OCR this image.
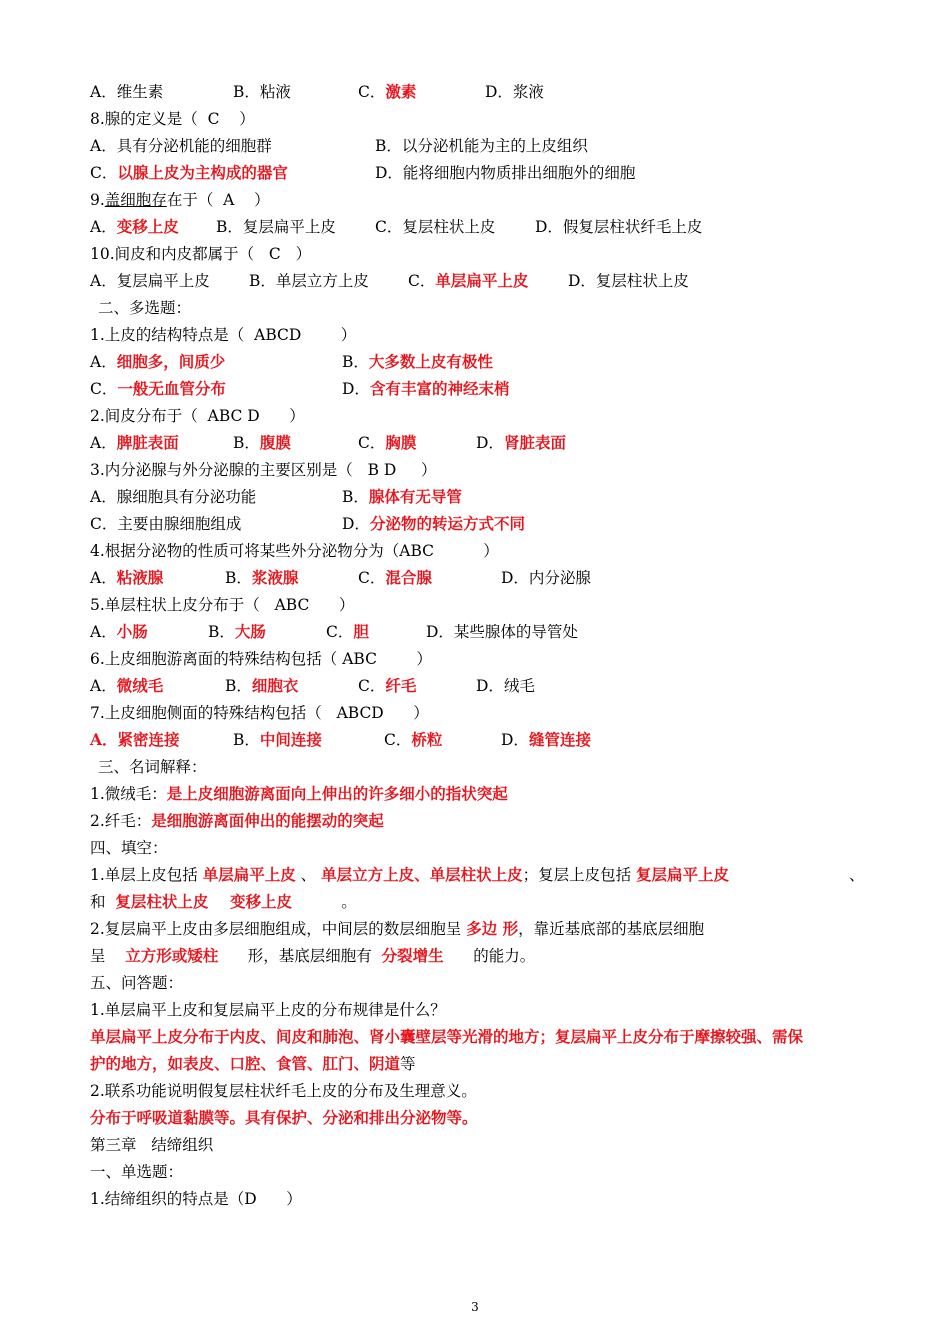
A．维生素	B．粘液	C．激素	D．浆液
8.腺的定义是（  C    ）
A．具有分泌机能的细胞群	B．以分泌机能为主的上皮组织
C．以腺上皮为主构成的器官	D．能将细胞内物质排出细胞外的细胞
9.盖细胞存在于（  A    ）
A．变移上皮 B．复层扁平上皮	C．复层柱状上皮	D．假复层柱状纤毛上皮
10.间皮和内皮都属于（   C   ）
A．复层扁平上皮	B．单层立方上皮	C．单层扁平上皮	D．复层柱状上皮
二、多选题：
1.上皮的结构特点是（  ABCD        ）
A．细胞多，间质少	B．大多数上皮有极性
C．一般无血管分布	D．含有丰富的神经末梢
2.间皮分布于（  ABC D      ）
A．脾脏表面	B．腹膜	C．胸膜	D．肾脏表面
3.内分泌腺与外分泌腺的主要区别是（   B D     ）
A．腺细胞具有分泌功能	B．腺体有无导管
C．主要由腺细胞组成	D．分泌物的转运方式不同
4.根据分泌物的性质可将某些外分泌物分为（ABC          ）
A．粘液腺	B．浆液腺	C．混合腺	D．内分泌腺
5.单层柱状上皮分布于（   ABC      ）
A．小肠	B．大肠	C．胆	D．某些腺体的导管处
6.上皮细胞游离面的特殊结构包括（ ABC        ）
A．微绒毛	B．细胞衣	C．纤毛	D．绒毛
7.上皮细胞侧面的特殊结构包括（   ABCD      ）
A．紧密连接	B．中间连接	C．桥粒	D．缝管连接
三、名词解释：
1.微绒毛：是上皮细胞游离面向上伸出的许多细小的指状突起
2.纤毛：是细胞游离面伸出的能摆动的突起
四、填空：
1.单层上皮包括 单层扁平上皮 、 单层立方上皮、单层柱状上皮；复层上皮包括 复层扁平上皮	、
和  复层柱状上皮    变移上皮          。
2.复层扁平上皮由多层细胞组成，中间层的数层细胞呈 多边 形，靠近基底部的基底层细胞
呈    立方形或矮柱      形，基底层细胞有  分裂增生      的能力。
五、问答题：
1.单层扁平上皮和复层扁平上皮的分布规律是什么？
单层扁平上皮分布于内皮、间皮和肺泡、肾小囊壁层等光滑的地方；复层扁平上皮分布于摩擦较强、需保
护的地方，如表皮、口腔、食管、肛门、阴道等
2.联系功能说明假复层柱状纤毛上皮的分布及生理意义。
分布于呼吸道黏膜等。具有保护、分泌和排出分泌物等。
第三章   结缔组织
一、单选题：
1.结缔组织的特点是（D      ）
3
